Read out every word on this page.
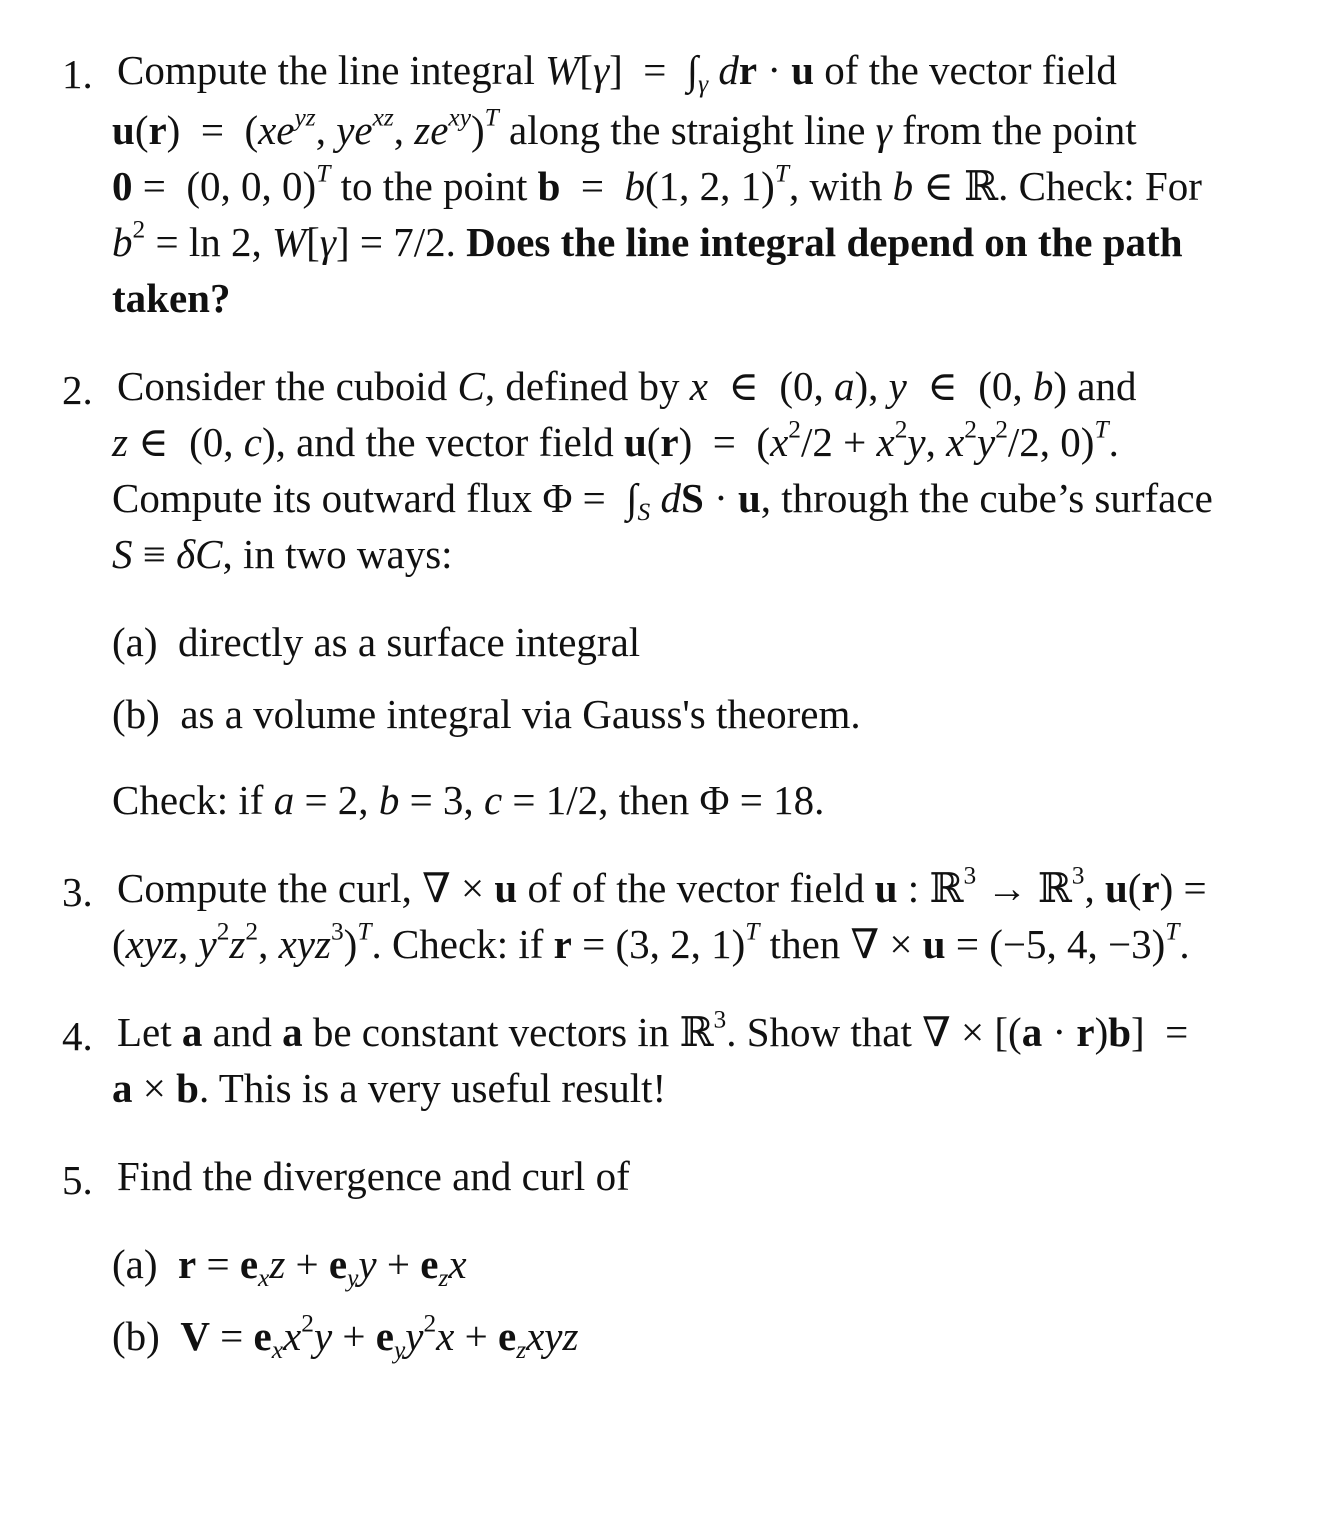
1. Compute the line integral $W[\gamma] = \int_\gamma$ dr · u of the vector field
$u(r) = (xe^{yz}$, $ye^{xz}$, $ze^{xy})^T$ along the straight line γ from the point
0 =  (0, 0, 0)$^T$ to the point b  =  b(1, 2, 1)$^T$, with b ∈ ℝ. Check: For
$b^2 = \ln 2$, W[γ] = 7/2. Does the line integral depend on the path
taken?
2. Consider the cuboid C, defined by x  ∈  (0, a), y  ∈  (0, b) and
z ∈  (0, c), and the vector field $u(r) = (x^2/2 + x^2y$, $x^2y^2/2$, 0)$^T$.
Compute its outward flux $\Phi = \int_S$ dS · u, through the cube’s surface
S ≡ δC, in two ways:
(a) directly as a surface integral
(b) as a volume integral via Gauss's theorem.
Check: if a = 2, b = 3, c = 1/2, then Φ = 18.
3. Compute the curl, ∇ × u of of the vector field u : ℝ$^3$ → ℝ$^3$, u(r) =
(xyz, $y^2z^2$, xyz$^3$)$^T$. Check: if r = (3, 2, 1)$^T$ then ∇ × u = (−5, 4, −3)$^T$.
4. Let a and a be constant vectors in ℝ$^3$. Show that ∇ × [(a · r)b]  =
a × b. This is a very useful result!
5. Find the divergence and curl of
(a) $r = e_xz + e_yy + e_zx$
(b) $V = e_xx^2y + e_yy^2x + e_zxyz$
